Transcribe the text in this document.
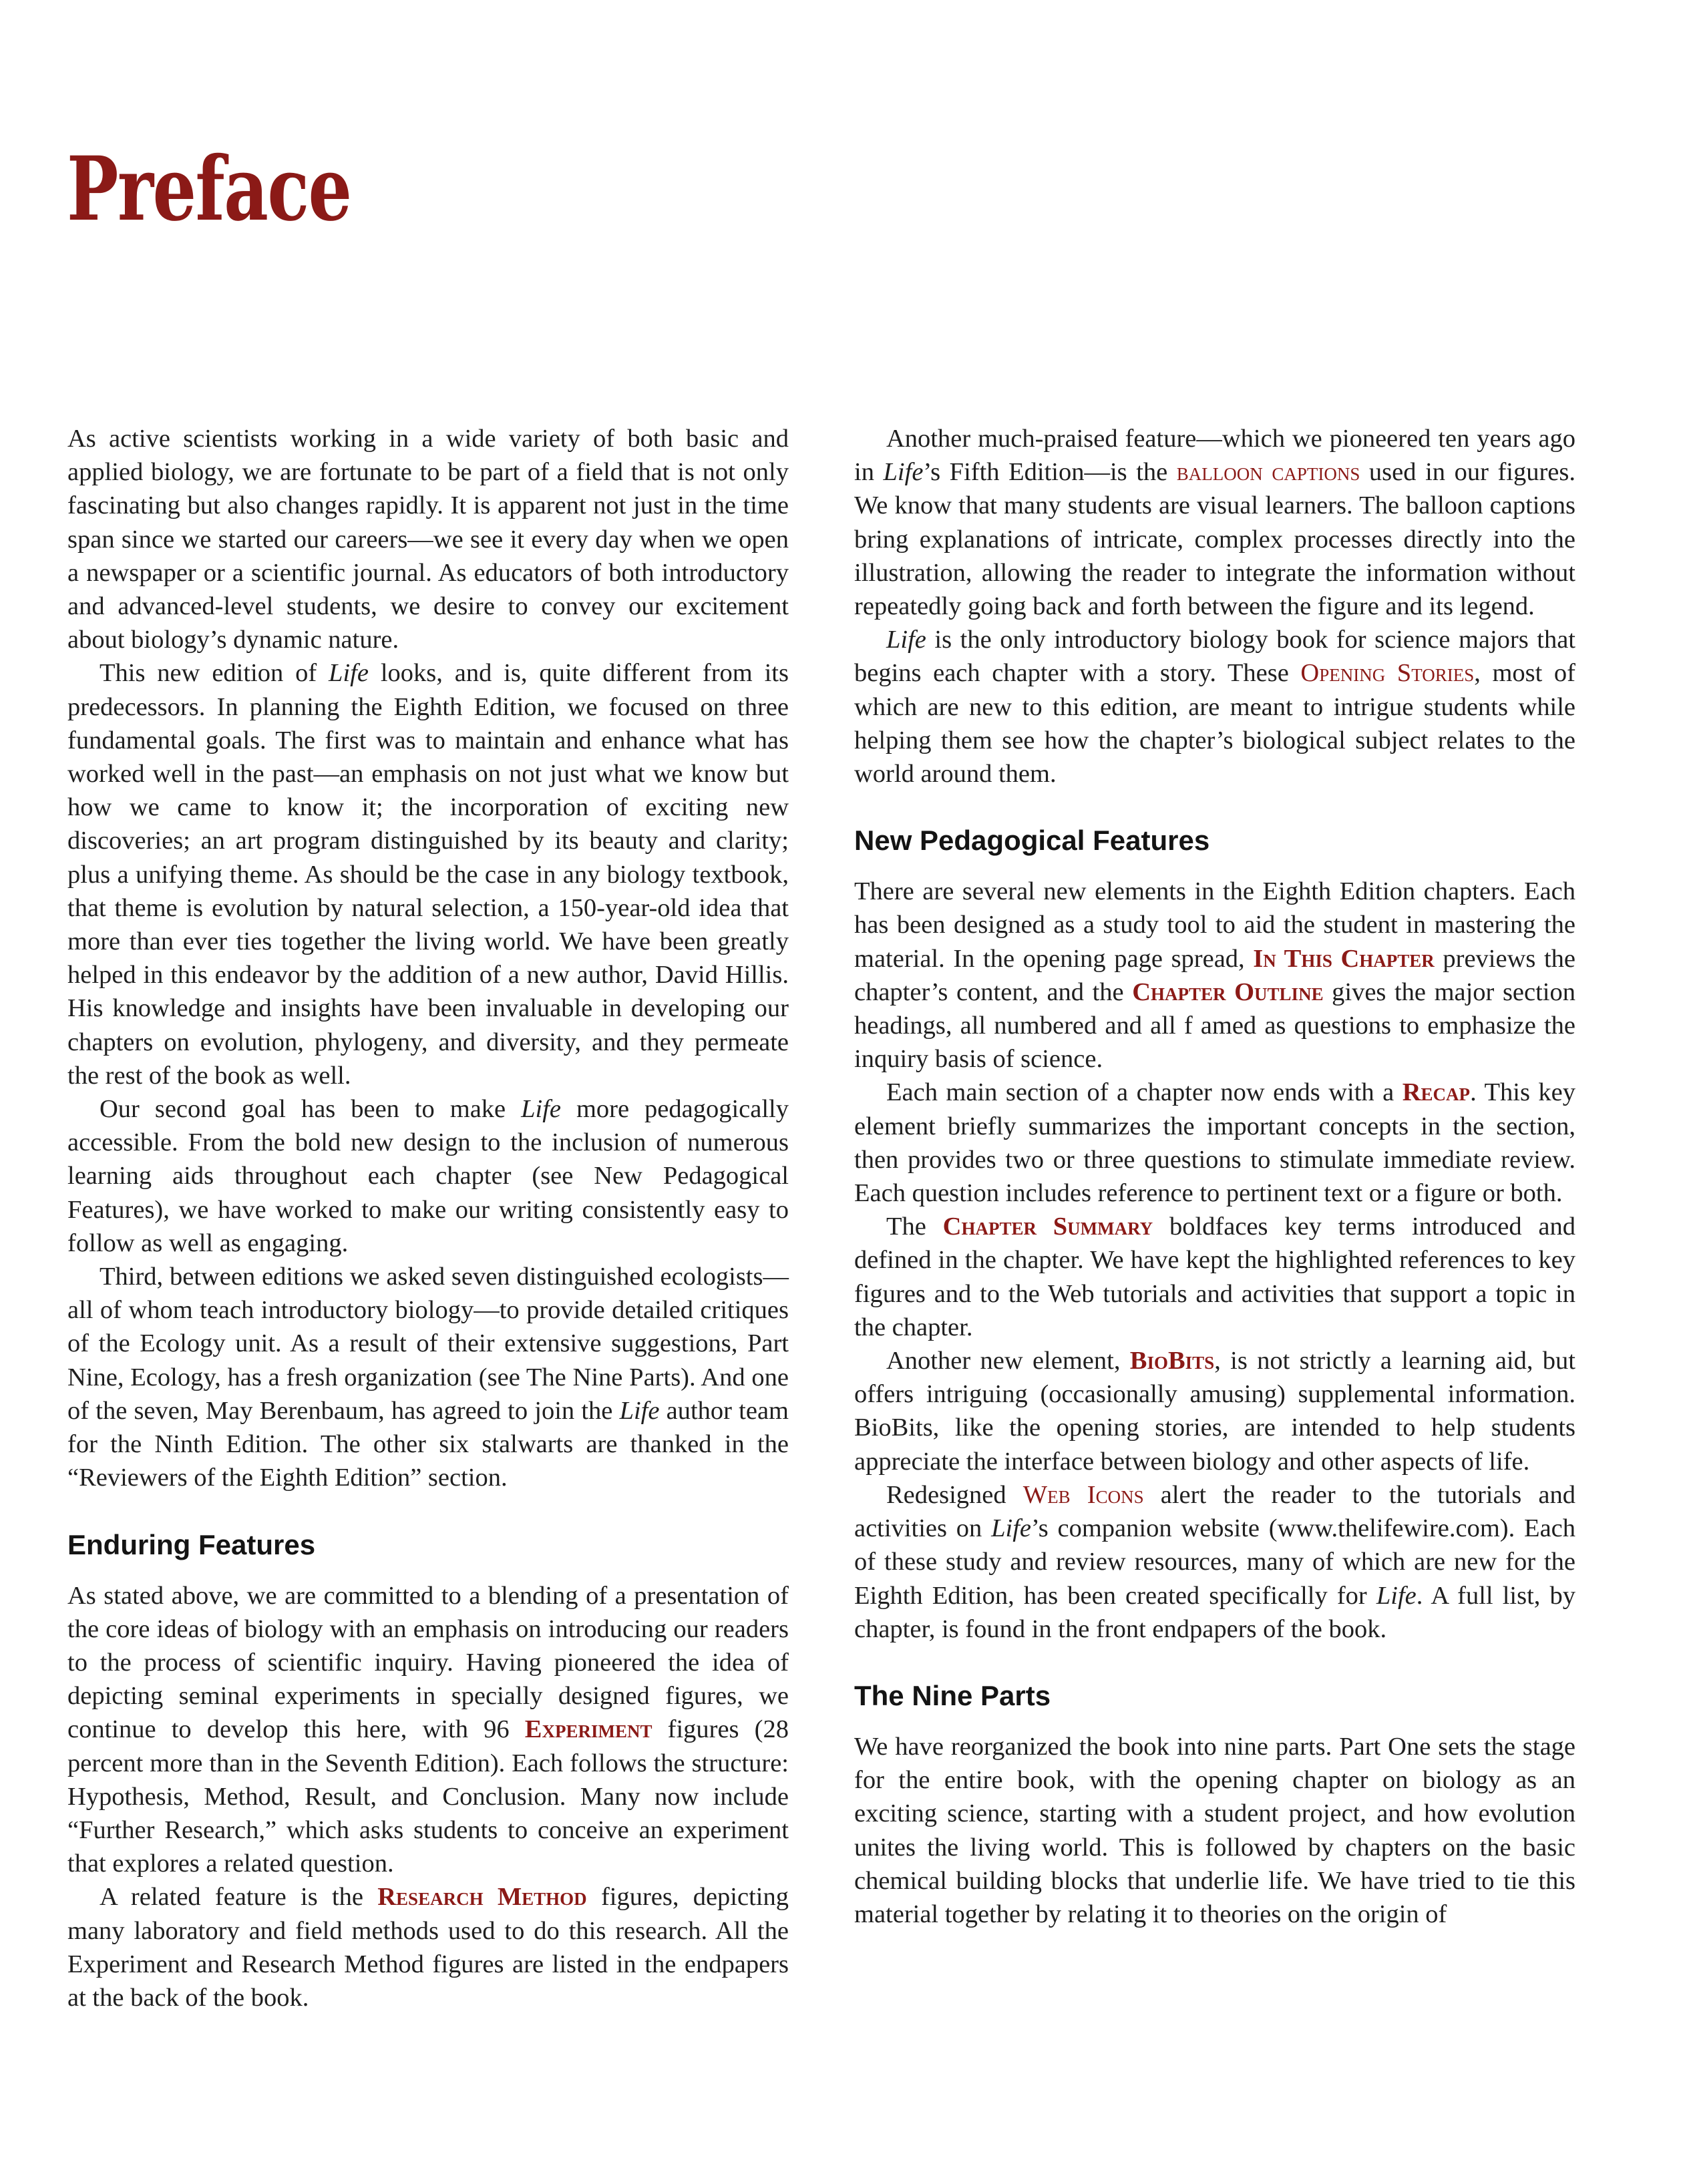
Preface

As active scientists working in a wide variety of both basic and applied biology, we are fortunate to be part of a field that is not only fascinating but also changes rapidly. It is apparent not just in the time span since we started our careers—we see it every day when we open a newspaper or a scientific journal. As educators of both introductory and advanced-level students, we desire to convey our excitement about biology’s dynamic nature.

This new edition of Life looks, and is, quite different from its predecessors. In planning the Eighth Edition, we focused on three fundamental goals. The first was to maintain and enhance what has worked well in the past—an emphasis on not just what we know but how we came to know it; the incorporation of exciting new discoveries; an art program distinguished by its beauty and clarity; plus a unifying theme. As should be the case in any biology textbook, that theme is evolution by natural selection, a 150-year-old idea that more than ever ties together the living world. We have been greatly helped in this endeavor by the addition of a new author, David Hillis. His knowledge and insights have been invaluable in developing our chapters on evolution, phylogeny, and diversity, and they permeate the rest of the book as well.

Our second goal has been to make Life more pedagogically accessible. From the bold new design to the inclusion of numerous learning aids throughout each chapter (see New Pedagogical Features), we have worked to make our writing consistently easy to follow as well as engaging.

Third, between editions we asked seven distinguished ecologists—all of whom teach introductory biology—to provide detailed critiques of the Ecology unit. As a result of their extensive suggestions, Part Nine, Ecology, has a fresh organization (see The Nine Parts). And one of the seven, May Berenbaum, has agreed to join the Life author team for the Ninth Edition. The other six stalwarts are thanked in the “Reviewers of the Eighth Edition” section.

Enduring Features

As stated above, we are committed to a blending of a presentation of the core ideas of biology with an emphasis on introducing our readers to the process of scientific inquiry. Having pioneered the idea of depicting seminal experiments in specially designed figures, we continue to develop this here, with 96 Experiment figures (28 percent more than in the Seventh Edition). Each follows the structure: Hypothesis, Method, Result, and Conclusion. Many now include “Further Research,” which asks students to conceive an experiment that explores a related question.

A related feature is the Research Method figures, depicting many laboratory and field methods used to do this research. All the Experiment and Research Method figures are listed in the endpapers at the back of the book.

Another much-praised feature—which we pioneered ten years ago in Life’s Fifth Edition—is the balloon captions used in our figures. We know that many students are visual learners. The balloon captions bring explanations of intricate, complex processes directly into the illustration, allowing the reader to integrate the information without repeatedly going back and forth between the figure and its legend.

Life is the only introductory biology book for science majors that begins each chapter with a story. These Opening Stories, most of which are new to this edition, are meant to intrigue students while helping them see how the chapter’s biological subject relates to the world around them.

New Pedagogical Features

There are several new elements in the Eighth Edition chapters. Each has been designed as a study tool to aid the student in mastering the material. In the opening page spread, In This Chapter previews the chapter’s content, and the Chapter Outline gives the major section headings, all numbered and all f amed as questions to emphasize the inquiry basis of science.

Each main section of a chapter now ends with a Recap. This key element briefly summarizes the important concepts in the section, then provides two or three questions to stimulate immediate review. Each question includes reference to pertinent text or a figure or both.

The Chapter Summary boldfaces key terms introduced and defined in the chapter. We have kept the highlighted references to key figures and to the Web tutorials and activities that support a topic in the chapter.

Another new element, BioBits, is not strictly a learning aid, but offers intriguing (occasionally amusing) supplemental information. BioBits, like the opening stories, are intended to help students appreciate the interface between biology and other aspects of life.

Redesigned Web Icons alert the reader to the tutorials and activities on Life’s companion website (www.thelifewire.com). Each of these study and review resources, many of which are new for the Eighth Edition, has been created specifically for Life. A full list, by chapter, is found in the front endpapers of the book.

The Nine Parts

We have reorganized the book into nine parts. Part One sets the stage for the entire book, with the opening chapter on biology as an exciting science, starting with a student project, and how evolution unites the living world. This is followed by chapters on the basic chemical building blocks that underlie life. We have tried to tie this material together by relating it to theories on the origin of
